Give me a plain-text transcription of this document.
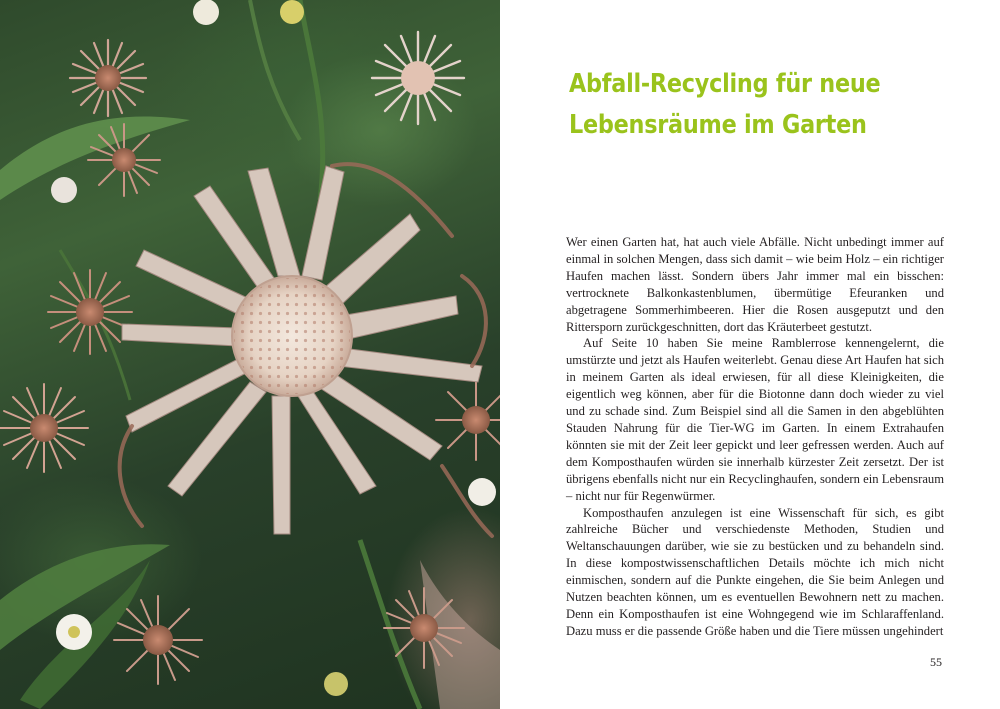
Abfall-Recycling für neue
Lebensräume im Garten

Wer einen Garten hat, hat auch viele Abfälle. Nicht unbedingt immer auf einmal in solchen Mengen, dass sich damit – wie beim Holz – ein richtiger Haufen machen lässt. Sondern übers Jahr immer mal ein bisschen: vertrocknete Balkonkastenblumen, übermütige Efeuranken und abgetragene Sommerhimbeeren. Hier die Rosen ausgeputzt und den Rittersporn zurückgeschnitten, dort das Kräuterbeet gestutzt.

Auf Seite 10 haben Sie meine Ramblerrose kennengelernt, die umstürzte und jetzt als Haufen weiterlebt. Genau diese Art Haufen hat sich in meinem Garten als ideal erwiesen, für all diese Kleinigkeiten, die eigentlich weg können, aber für die Biotonne dann doch wieder zu viel und zu schade sind. Zum Beispiel sind all die Samen in den abgeblühten Stauden Nahrung für die Tier-WG im Garten. In einem Extrahaufen könnten sie mit der Zeit leer gepickt und leer gefressen werden. Auch auf dem Komposthaufen würden sie innerhalb kürzester Zeit zersetzt. Der ist übrigens ebenfalls nicht nur ein Recyclinghaufen, sondern ein Lebensraum – nicht nur für Regenwürmer.

Komposthaufen anzulegen ist eine Wissenschaft für sich, es gibt zahlreiche Bücher und verschiedenste Methoden, Studien und Weltanschauungen darüber, wie sie zu bestücken und zu behandeln sind. In diese kompostwissenschaftlichen Details möchte ich mich nicht einmischen, sondern auf die Punkte eingehen, die Sie beim Anlegen und Nutzen beachten können, um es eventuellen Bewohnern nett zu machen. Denn ein Komposthaufen ist eine Wohngegend wie im Schlaraffenland. Dazu muss er die passende Größe haben und die Tiere müssen ungehindert

55
